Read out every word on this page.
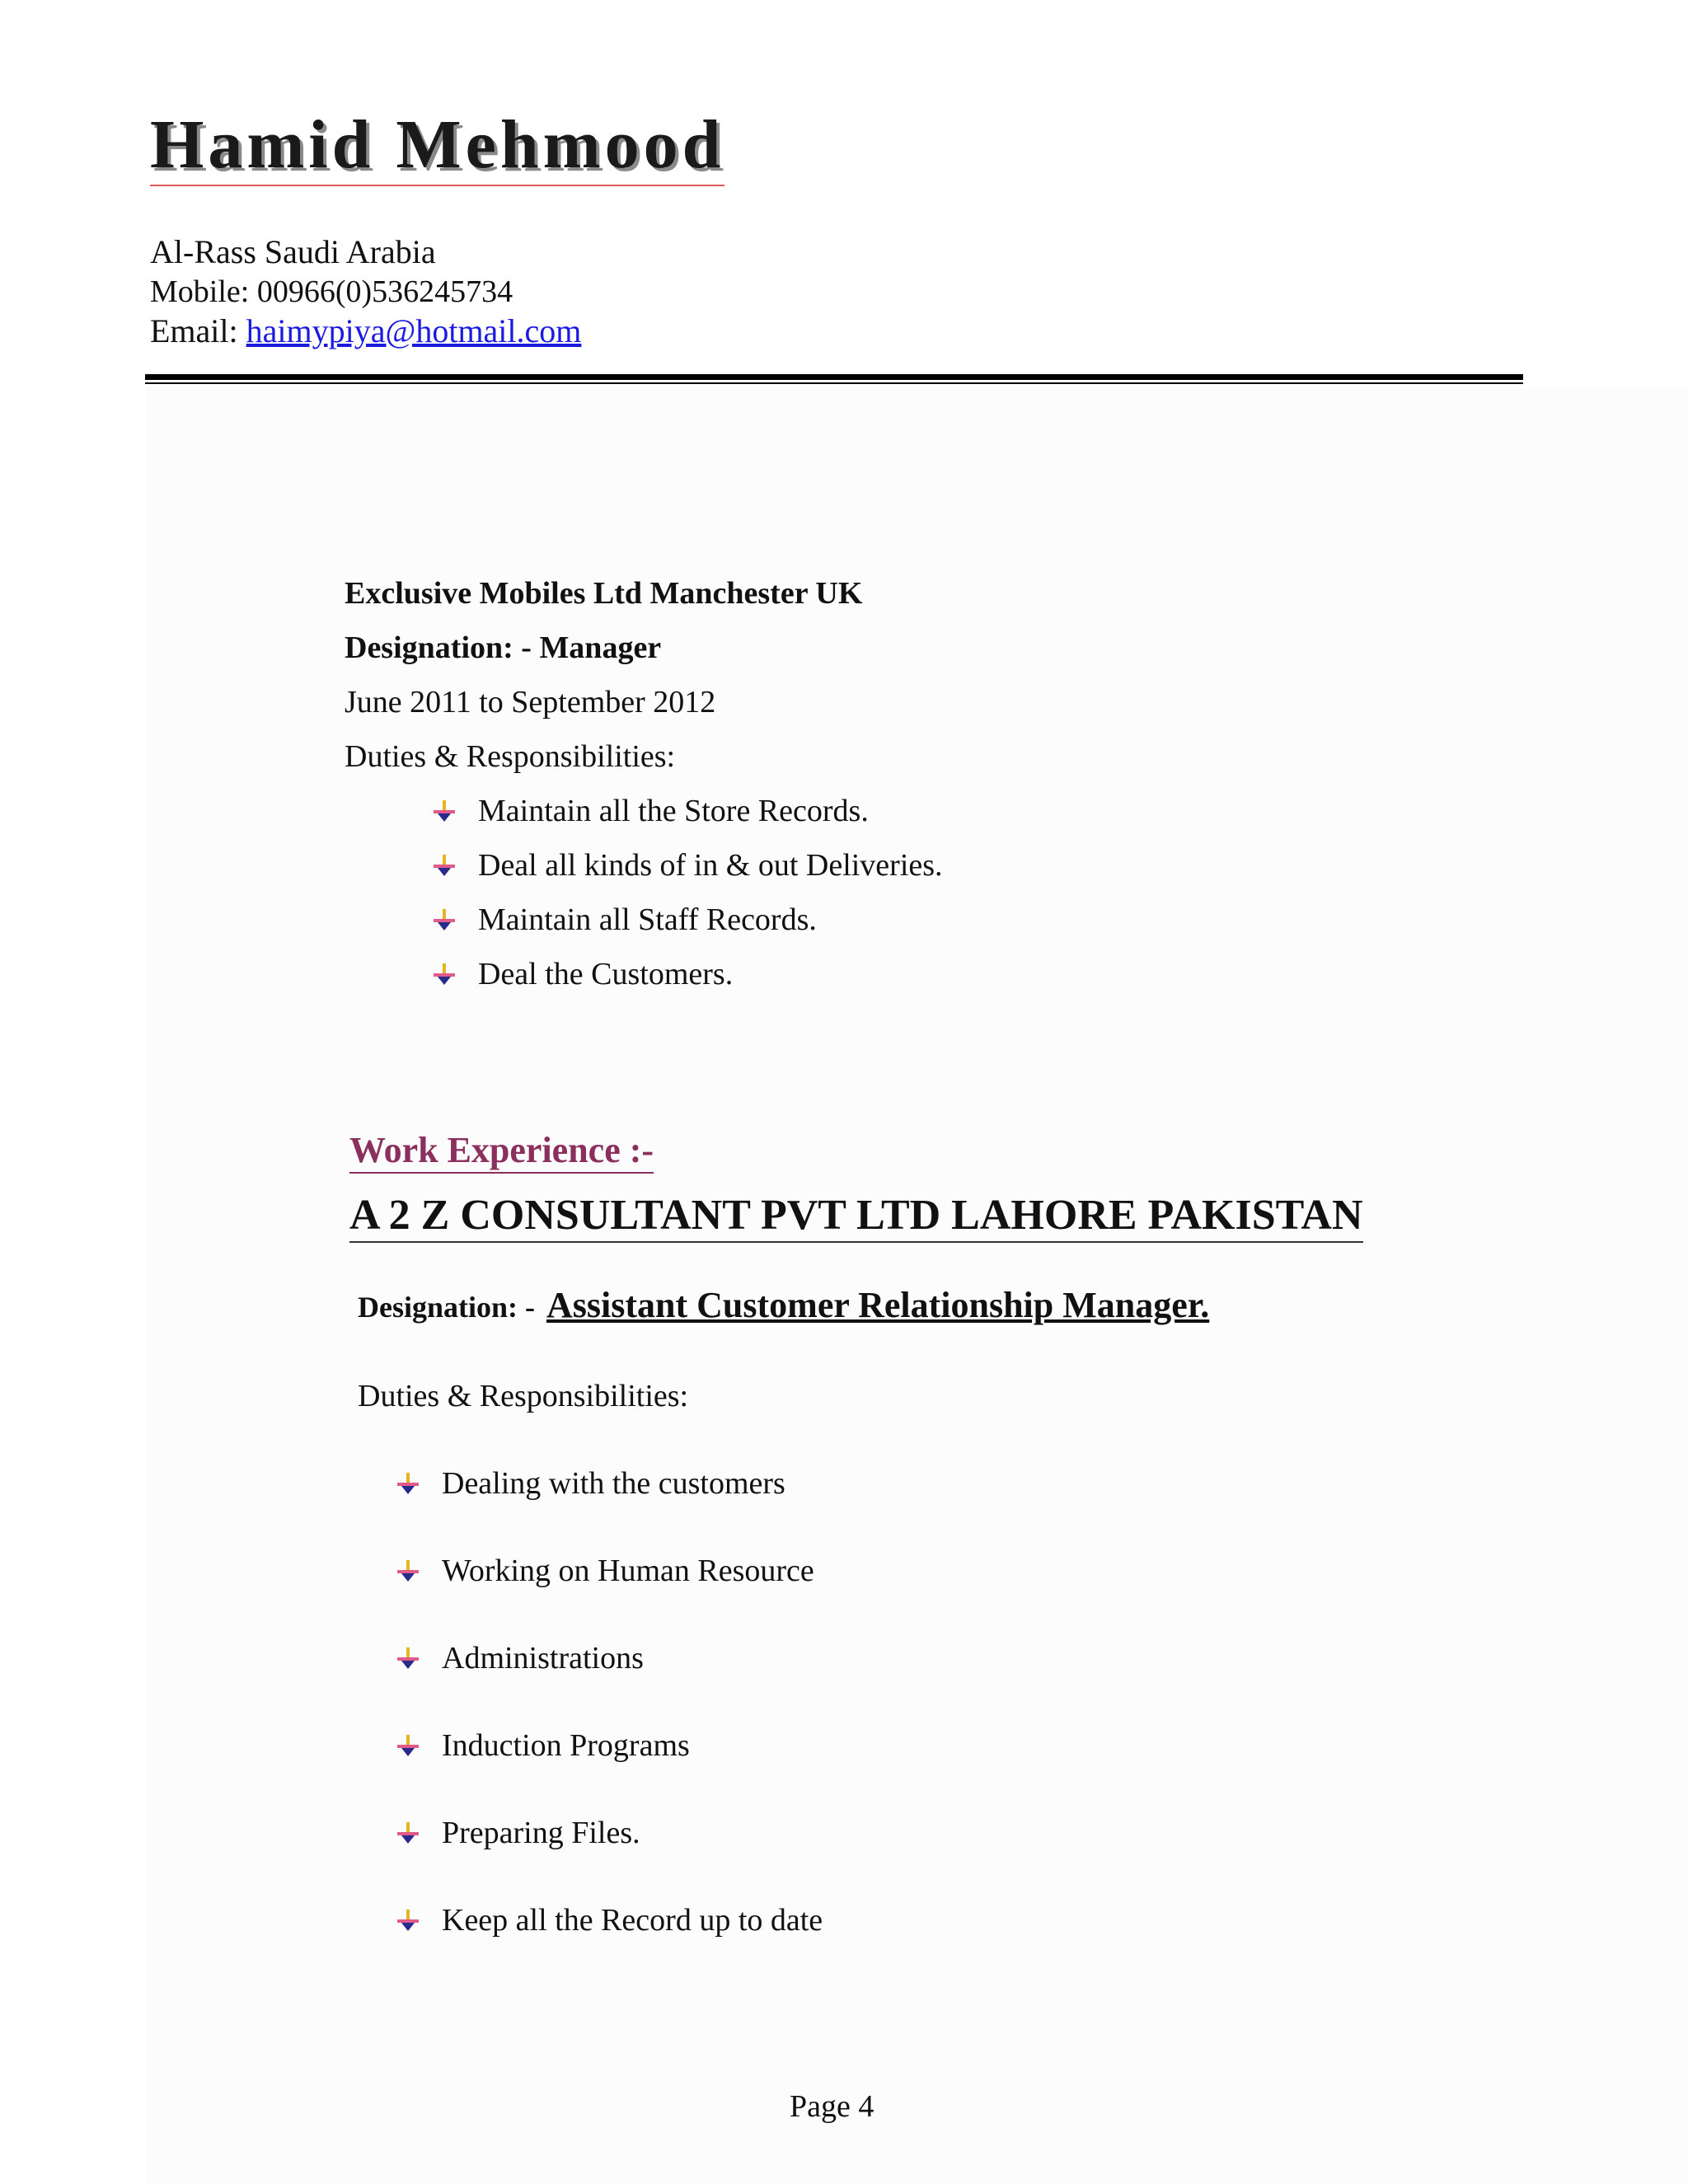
Hamid Mehmood
Al-Rass Saudi Arabia
Mobile: 00966(0)536245734
Email: haimypiya@hotmail.com
Exclusive Mobiles Ltd Manchester UK
Designation: - Manager
June 2011 to September 2012
Duties & Responsibilities:
Maintain all the Store Records.
Deal all kinds of in & out Deliveries.
Maintain all Staff Records.
Deal the Customers.
Work Experience :-
A 2 Z CONSULTANT PVT LTD LAHORE PAKISTAN
Designation: - Assistant Customer Relationship Manager.
Duties & Responsibilities:
Dealing with the customers
Working on Human Resource
Administrations
Induction Programs
Preparing Files.
Keep all the Record up to date
Page 4
